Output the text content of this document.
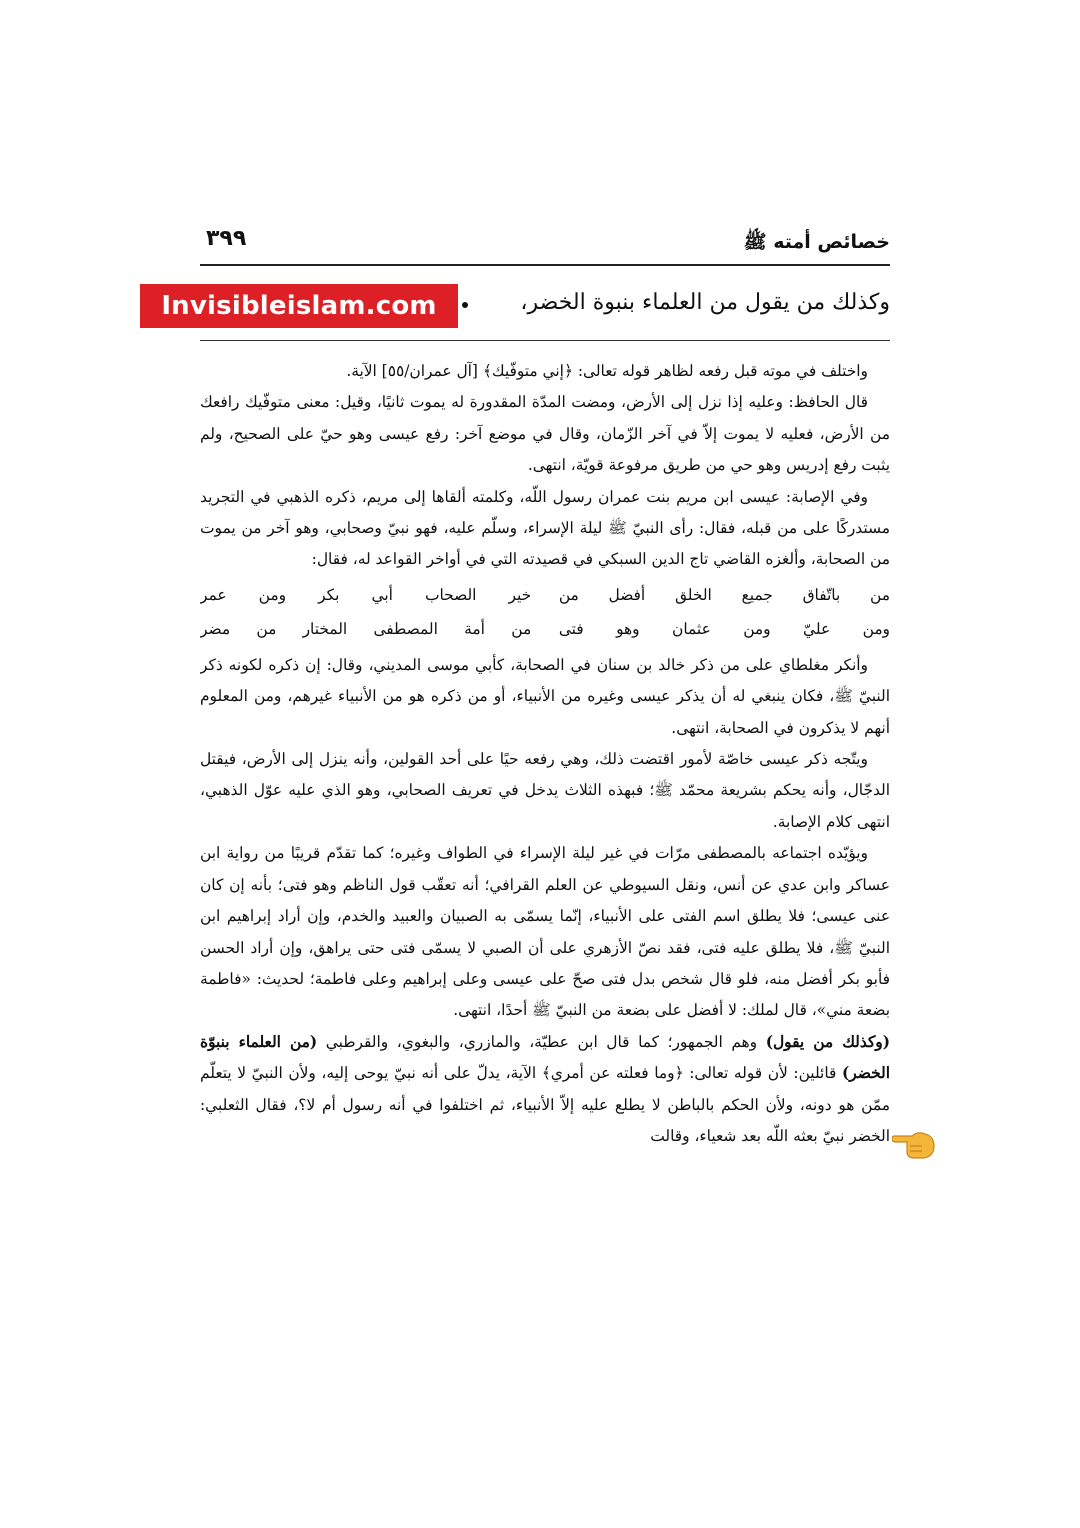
خصائص أمته ﷺ
٣٩٩
وكذلك من يقول من العلماء بنبوة الخضر،
Invisibleislam.com

واختلف في موته قبل رفعه لظاهر قوله تعالى: ﴿إني متوفّيك﴾ [آل عمران/٥٥] الآية.

قال الحافظ: وعليه إذا نزل إلى الأرض، ومضت المدّة المقدورة له يموت ثانيًا، وقيل: معنى متوفّيك رافعك من الأرض، فعليه لا يموت إلاّ في آخر الزّمان، وقال في موضع آخر: رفع عيسى وهو حيّ على الصحيح، ولم يثبت رفع إدريس وهو حي من طريق مرفوعة قويّة، انتهى.

وفي الإصابة: عيسى ابن مريم بنت عمران رسول اللّه، وكلمته ألقاها إلى مريم، ذكره الذهبي في التجريد مستدركًا على من قبله، فقال: رأى النبيّ ﷺ ليلة الإسراء، وسلّم عليه، فهو نبيّ وصحابي، وهو آخر من يموت من الصحابة، وألغزه القاضي تاج الدين السبكي في قصيدته التي في أواخر القواعد له، فقال:

من باتّفاق جميع الخلق أفضل من
خير الصحاب أبي بكر ومن عمر
ومن عليّ ومن عثمان وهو فتى
من أمة المصطفى المختار من مضر

وأنكر مغلطاي على من ذكر خالد بن سنان في الصحابة، كأبي موسى المديني، وقال: إن ذكره لكونه ذكر النبيّ ﷺ، فكان ينبغي له أن يذكر عيسى وغيره من الأنبياء، أو من ذكره هو من الأنبياء غيرهم، ومن المعلوم أنهم لا يذكرون في الصحابة، انتهى.

ويتّجه ذكر عيسى خاصّة لأمور اقتضت ذلك، وهي رفعه حيًا على أحد القولين، وأنه ينزل إلى الأرض، فيقتل الدجّال، وأنه يحكم بشريعة محمّد ﷺ؛ فبهذه الثلاث يدخل في تعريف الصحابي، وهو الذي عليه عوّل الذهبي، انتهى كلام الإصابة.

ويؤيّده اجتماعه بالمصطفى مرّات في غير ليلة الإسراء في الطواف وغيره؛ كما تقدّم قريبًا من رواية ابن عساكر وابن عدي عن أنس، ونقل السيوطي عن العلم القرافي؛ أنه تعقّب قول الناظم وهو فتى؛ بأنه إن كان عنى عيسى؛ فلا يطلق اسم الفتى على الأنبياء، إنّما يسمّى به الصبيان والعبيد والخدم، وإن أراد إبراهيم ابن النبيّ ﷺ، فلا يطلق عليه فتى، فقد نصّ الأزهري على أن الصبي لا يسمّى فتى حتى يراهق، وإن أراد الحسن فأبو بكر أفضل منه، فلو قال شخص بدل فتى صحّ على عيسى وعلى إبراهيم وعلى فاطمة؛ لحديث: «فاطمة بضعة مني»، قال لملك: لا أفضل على بضعة من النبيّ ﷺ أحدًا، انتهى.

(وكذلك من يقول) وهم الجمهور؛ كما قال ابن عطيّة، والمازري، والبغوي، والقرطبي (من العلماء بنبوّة الخضر) قائلين: لأن قوله تعالى: ﴿وما فعلته عن أمري﴾ الآية، يدلّ على أنه نبيّ يوحى إليه، ولأن النبيّ لا يتعلّم ممّن هو دونه، ولأن الحكم بالباطن لا يطلع عليه إلاّ الأنبياء، ثم اختلفوا في أنه رسول أم لا؟، فقال الثعلبي: الخضر نبيّ بعثه اللّه بعد شعياء، وقالت
